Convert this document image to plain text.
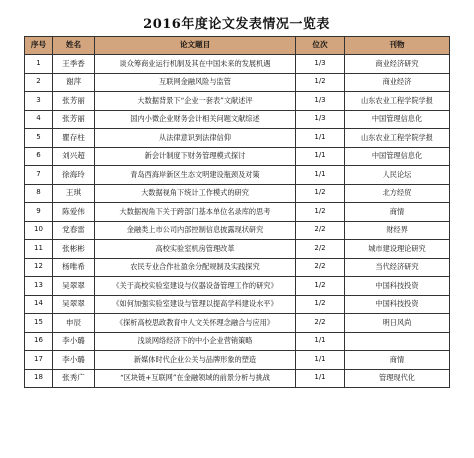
2016年度论文发表情况一览表
序号	姓名	论文题目	位次	刊物
1	王季香	谈众筹商业运行机制及其在中国未来的发展机遇	1/3	商业经济研究
2	谢萍	互联网金融风险与监管	1/2	商业经济
3	张芳丽	大数据背景下“企业一套表”文献述评	1/3	山东农业工程学院学报
4	张芳丽	国内小微企业财务会计相关问题文献综述	1/3	中国管理信息化
5	瞿存柱	从法律意识到法律信仰	1/1	山东农业工程学院学报
6	刘兴超	新会计制度下财务管理模式探讨	1/1	中国管理信息化
7	徐海玲	青岛西海岸新区生态文明建设瓶颈及对策	1/1	人民论坛
8	王琪	大数据视角下统计工作模式的研究	1/2	北方经贸
9	陈爱伟	大数据视角下关于跨部门基本单位名录库的思考	1/2	商情
10	党春雷	金融类上市公司内部控制信息披露现状研究	2/2	财经界
11	张彬彬	高校实验室机房管理改革	2/2	城市建设理论研究
12	杨唯希	农民专业合作社盈余分配规制及实践探究	2/2	当代经济研究
13	吴翠翠	《关于高校实验室建设与仪器设备管理工作的研究》	1/2	中国科技投资
14	吴翠翠	《如何加强实验室建设与管理以提高学科建设水平》	1/2	中国科技投资
15	申辰	《探析高校思政教育中人文关怀理念融合与应用》	2/2	明日风尚
16	李小璐	浅谈网络经济下的中小企业营销策略	1/1	
17	李小璐	新媒体时代企业公关与品牌形象的塑造	1/1	商情
18	张秀广	“区块链+互联网”在金融领域的前景分析与挑战	1/1	管理现代化
